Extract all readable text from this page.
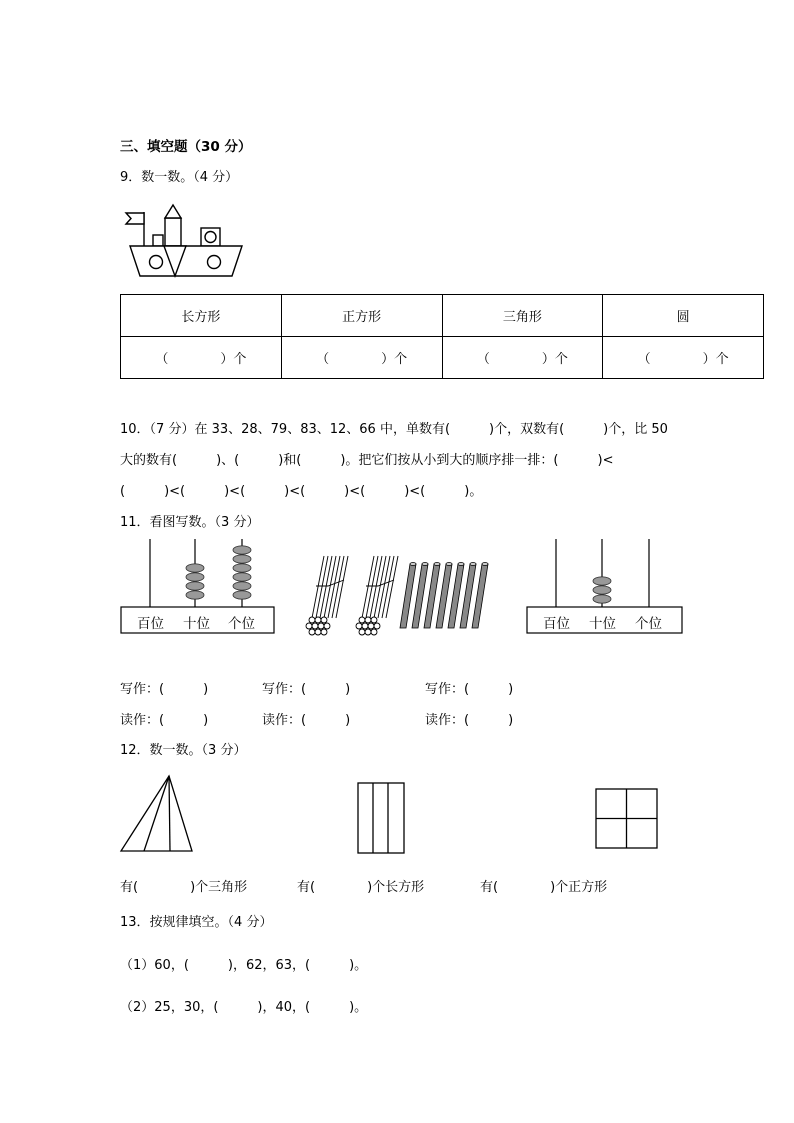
三、填空题（30 分）
9．数一数。（4 分）
长方形	正方形	三角形	圆
（　　　　）个	（　　　　）个	（　　　　）个	（　　　　）个
10．（7 分）在 33、28、79、83、12、66 中，单数有(　　　)个，双数有(　　　)个，比 50
大的数有(　　　)、(　　　)和(　　　)。把它们按从小到大的顺序排一排：(　　　)<
(　　　)<(　　　)<(　　　)<(　　　)<(　　　)<(　　　)。
11．看图写数。（3 分）
百位 十位 个位	百位 十位 个位
写作：(　　　)	写作：(　　　)	写作：(　　　)
读作：(　　　)	读作：(　　　)	读作：(　　　)
12．数一数。（3 分）
有(　　　　)个三角形	有(　　　　)个长方形	有(　　　　)个正方形
13．按规律填空。（4 分）
（1）60，(　　　)，62，63，(　　　)。
（2）25，30，(　　　)，40，(　　　)。
